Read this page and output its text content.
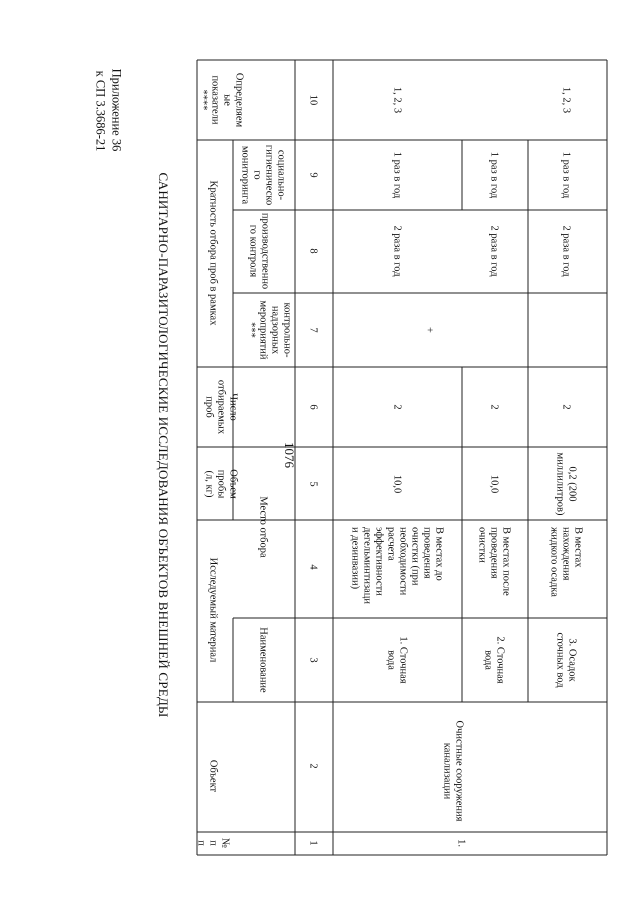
1076
Приложение 36
к СП 3.3686-21
САНИТАРНО-ПАРАЗИТОЛОГИЧЕСКИЕ ИССЛЕДОВАНИЯ ОБЪЕКТОВ ВНЕШНЕЙ СРЕДЫ
№пп
Объект
Исследуемый материал	Наименование
Место отбора
Объемпробы(л, кг)
Числоотбираемыхпроб
Кратность отбора проб в рамках
контрольно-надзорныхмероприятий***
производственного контроля
социально-гигиеническогомониторинга
Определяемыепоказатели****
1
2
3
4
5
6
7
8
9
10
1.
Очистные сооруженияканализации
+
1. Сточнаявода
В местах допроведенияочистки (принеобходимостирасчетаэффективностидегельминтизации дезинвазии)
10,0
2
2 раза в год
1 раз в год
1, 2, 3
2. Сточнаявода
В местах послепроведенияочистки
10,0
2
2 раза в год
1 раз в год
3. Осадоксточных вод
В местахнахожденияжидкого осадка
0,2 (200миллилитров)
2
2 раза в год
1 раз в год
1, 2, 3
